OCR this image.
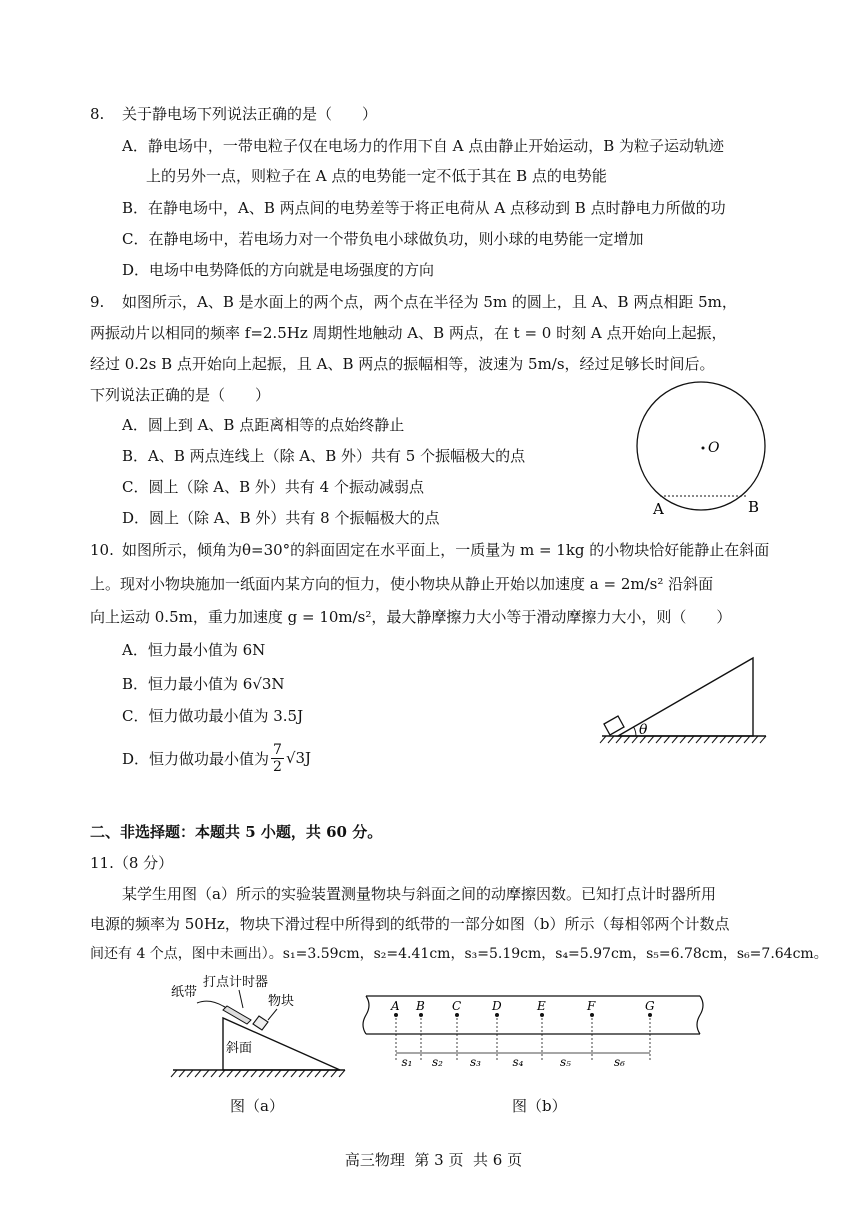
8. 关于静电场下列说法正确的是（　　）
A．静电场中，一带电粒子仅在电场力的作用下自 A 点由静止开始运动，B 为粒子运动轨迹
上的另外一点，则粒子在 A 点的电势能一定不低于其在 B 点的电势能
B．在静电场中，A、B 两点间的电势差等于将正电荷从 A 点移动到 B 点时静电力所做的功
C．在静电场中，若电场力对一个带负电小球做负功，则小球的电势能一定增加
D．电场中电势降低的方向就是电场强度的方向
9. 如图所示，A、B 是水面上的两个点，两个点在半径为 5m 的圆上，且 A、B 两点相距 5m，
两振动片以相同的频率 f=2.5Hz 周期性地触动 A、B 两点，在 t = 0 时刻 A 点开始向上起振，
经过 0.2s B 点开始向上起振，且 A、B 两点的振幅相等，波速为 5m/s，经过足够长时间后。
下列说法正确的是（　　）
A．圆上到 A、B 点距离相等的点始终静止
B．A、B 两点连线上（除 A、B 外）共有 5 个振幅极大的点
C．圆上（除 A、B 外）共有 4 个振动减弱点
D．圆上（除 A、B 外）共有 8 个振幅极大的点
O
A	B
10. 如图所示，倾角为θ=30°的斜面固定在水平面上，一质量为 m = 1kg 的小物块恰好能静止在斜面
上。现对小物块施加一纸面内某方向的恒力，使小物块从静止开始以加速度 a = 2m/s² 沿斜面
向上运动 0.5m，重力加速度 g = 10m/s²，最大静摩擦力大小等于滑动摩擦力大小，则（　　）
A．恒力最小值为 6N
B．恒力最小值为 6√3N
C．恒力做功最小值为 3.5J
D．恒力做功最小值为 $\frac{7}{2} √3J$
θ
二、非选择题：本题共 5 小题，共 60 分。
11.（8 分）
某学生用图（a）所示的实验装置测量物块与斜面之间的动摩擦因数。已知打点计时器所用
电源的频率为 50Hz，物块下滑过程中所得到的纸带的一部分如图（b）所示（每相邻两个计数点
间还有 4 个点，图中未画出）。s₁=3.59cm，s₂=4.41cm，s₃=5.19cm，s₄=5.97cm，s₅=6.78cm，s₆=7.64cm。
纸带
打点计时器
物块
斜面
图（a）
A B C	D	E	F	G
s₁ s₂ s₃	s₄	s₅	s₆
图（b）
高三物理  第 3 页  共 6 页
